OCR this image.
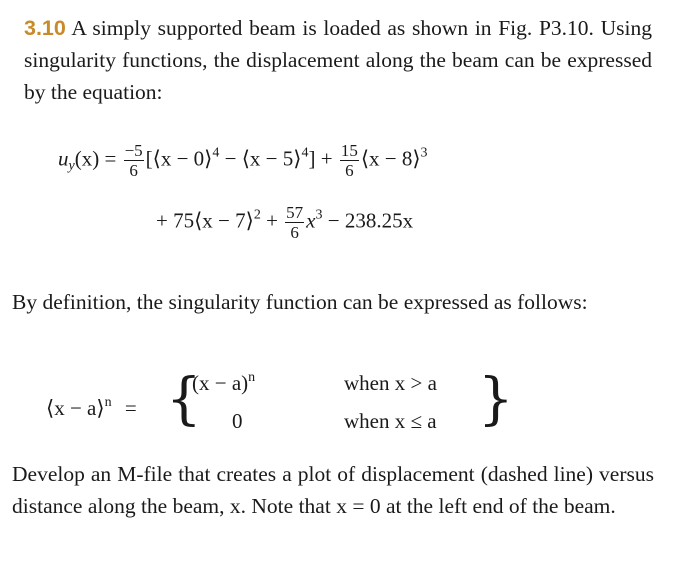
3.10 A simply supported beam is loaded as shown in Fig. P3.10. Using singularity functions, the displacement along the beam can be expressed by the equation:
$u_y(x) = \frac{-5}{6}$ [⟨x − 0⟩$^4$ − ⟨x − 5⟩$^4$] + $\frac{15}{6}$ ⟨x − 8⟩$^3$
+ 75⟨x − 7⟩$^2$ + $\frac{57}{6} x^3 - 238.25x$
By definition, the singularity function can be expressed as follows:
⟨x − a⟩$^n$ = {
$(x - a)^n$	when x > a
0	when x ≤ a }
Develop an M-file that creates a plot of displacement (dashed line) versus distance along the beam, x. Note that x = 0 at the left end of the beam.
